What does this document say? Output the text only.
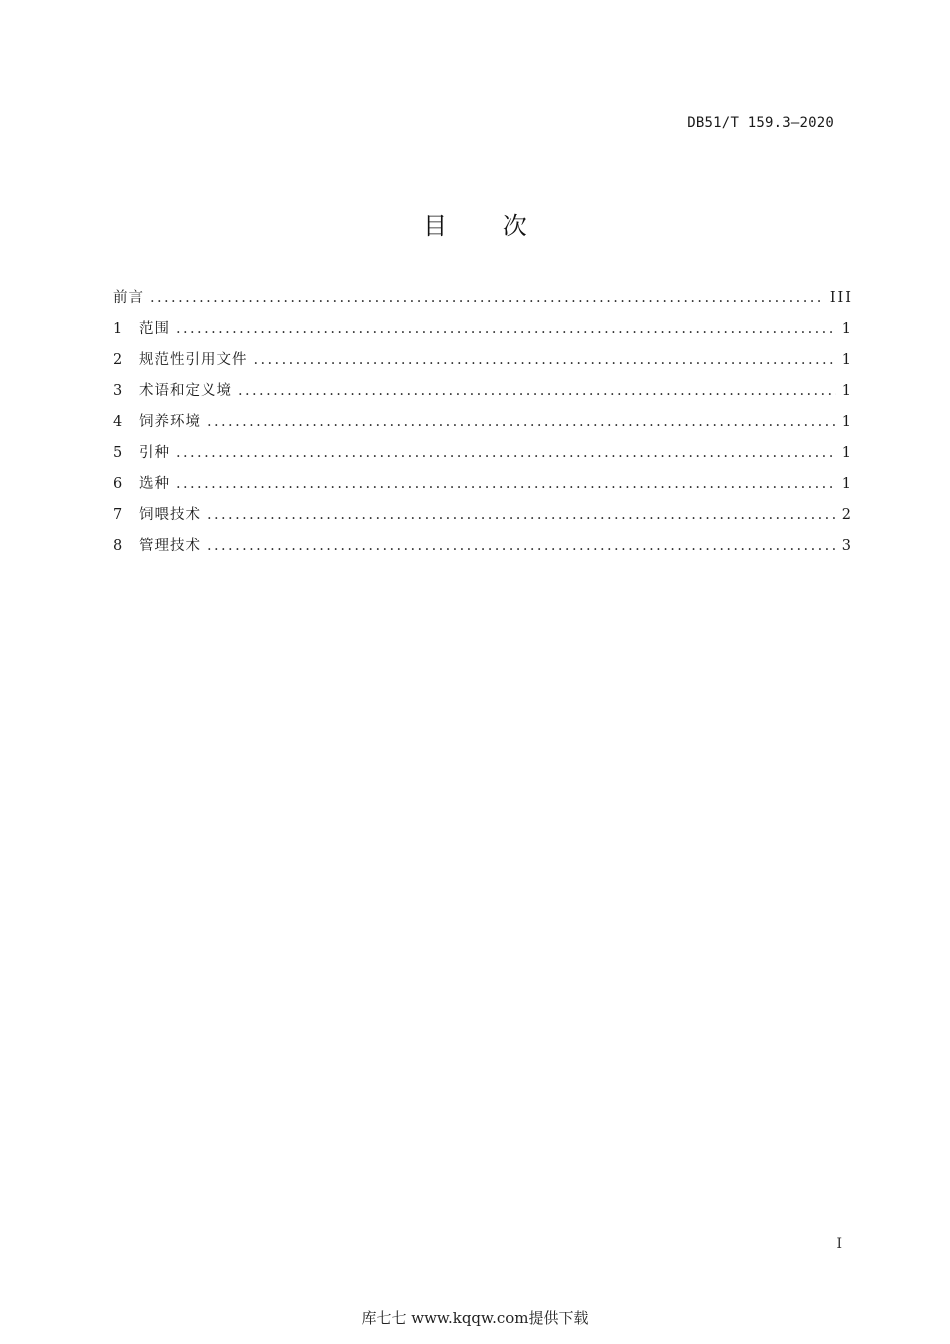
DB51/T 159.3—2020
目 次
前言 . . .	III
1	范围 . . .	1
2	规范性引用文件 . . .	1
3	术语和定义境 . . .	1
4	饲养环境 . . .	1
5	引种 . . .	1
6	选种 . . .	1
7	饲喂技术 . . .	2
8	管理技术 . . .	3
I
库七七 www.kqqw.com提供下载
